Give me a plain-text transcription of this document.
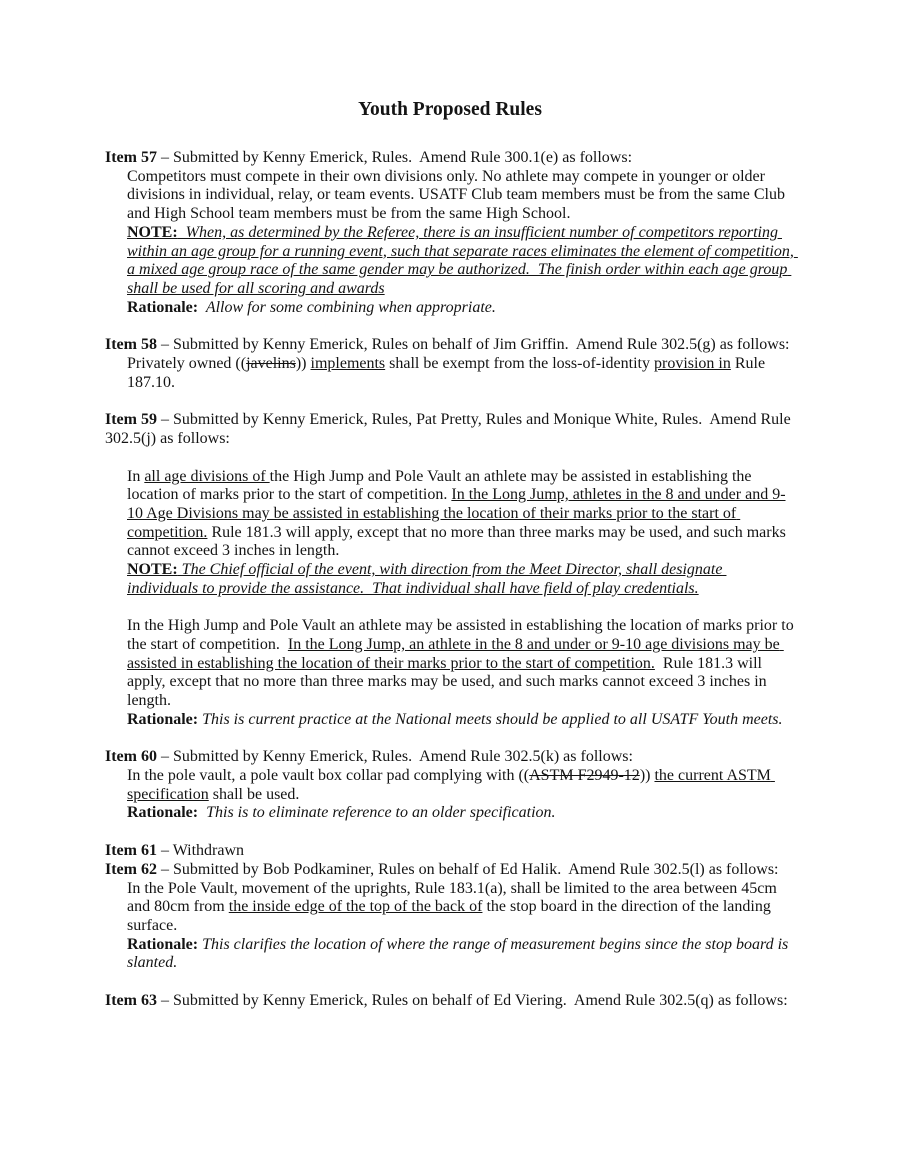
Youth Proposed Rules

Item 57 – Submitted by Kenny Emerick, Rules.  Amend Rule 300.1(e) as follows:

Competitors must compete in their own divisions only. No athlete may compete in younger or older divisions in individual, relay, or team events. USATF Club team members must be from the same Club and High School team members must be from the same High School.

NOTE:  When, as determined by the Referee, there is an insufficient number of competitors reporting within an age group for a running event, such that separate races eliminates the element of competition, a mixed age group race of the same gender may be authorized.  The finish order within each age group shall be used for all scoring and awards

Rationale:  Allow for some combining when appropriate.

Item 58 – Submitted by Kenny Emerick, Rules on behalf of Jim Griffin.  Amend Rule 302.5(g) as follows:

Privately owned ((javelins)) implements shall be exempt from the loss-of-identity provision in Rule 187.10.

Item 59 – Submitted by Kenny Emerick, Rules, Pat Pretty, Rules and Monique White, Rules.  Amend Rule 302.5(j) as follows:

In all age divisions of the High Jump and Pole Vault an athlete may be assisted in establishing the location of marks prior to the start of competition. In the Long Jump, athletes in the 8 and under and 9-10 Age Divisions may be assisted in establishing the location of their marks prior to the start of competition. Rule 181.3 will apply, except that no more than three marks may be used, and such marks cannot exceed 3 inches in length.

NOTE: The Chief official of the event, with direction from the Meet Director, shall designate individuals to provide the assistance.  That individual shall have field of play credentials.

In the High Jump and Pole Vault an athlete may be assisted in establishing the location of marks prior to the start of competition.  In the Long Jump, an athlete in the 8 and under or 9-10 age divisions may be assisted in establishing the location of their marks prior to the start of competition.  Rule 181.3 will apply, except that no more than three marks may be used, and such marks cannot exceed 3 inches in length.

Rationale: This is current practice at the National meets should be applied to all USATF Youth meets.

Item 60 – Submitted by Kenny Emerick, Rules.  Amend Rule 302.5(k) as follows:

In the pole vault, a pole vault box collar pad complying with ((ASTM F2949-12)) the current ASTM specification shall be used.

Rationale:  This is to eliminate reference to an older specification.

Item 61 – Withdrawn

Item 62 – Submitted by Bob Podkaminer, Rules on behalf of Ed Halik.  Amend Rule 302.5(l) as follows:

In the Pole Vault, movement of the uprights, Rule 183.1(a), shall be limited to the area between 45cm and 80cm from the inside edge of the top of the back of the stop board in the direction of the landing surface.

Rationale: This clarifies the location of where the range of measurement begins since the stop board is slanted.

Item 63 – Submitted by Kenny Emerick, Rules on behalf of Ed Viering.  Amend Rule 302.5(q) as follows:
